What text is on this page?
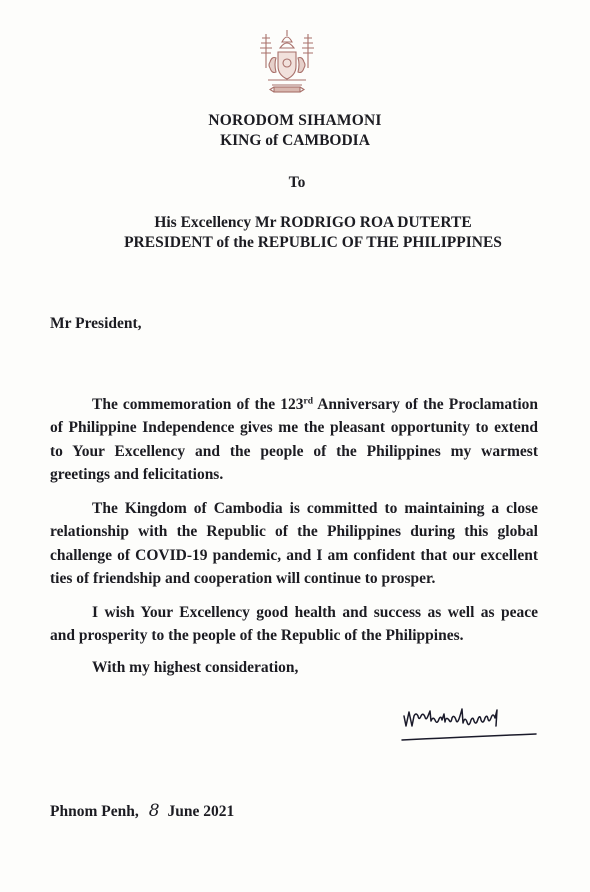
NORODOM SIHAMONI
KING of CAMBODIA
To
His Excellency Mr RODRIGO ROA DUTERTE
PRESIDENT of the REPUBLIC OF THE PHILIPPINES
Mr President,

The commemoration of the 123rd Anniversary of the Proclamation of Philippine Independence gives me the pleasant opportunity to extend to Your Excellency and the people of the Philippines my warmest greetings and felicitations.

The Kingdom of Cambodia is committed to maintaining a close relationship with the Republic of the Philippines during this global challenge of COVID-19 pandemic, and I am confident that our excellent ties of friendship and cooperation will continue to prosper.

I wish Your Excellency good health and success as well as peace and prosperity to the people of the Republic of the Philippines.

With my highest consideration,

Phnom Penh, 8 June 2021
